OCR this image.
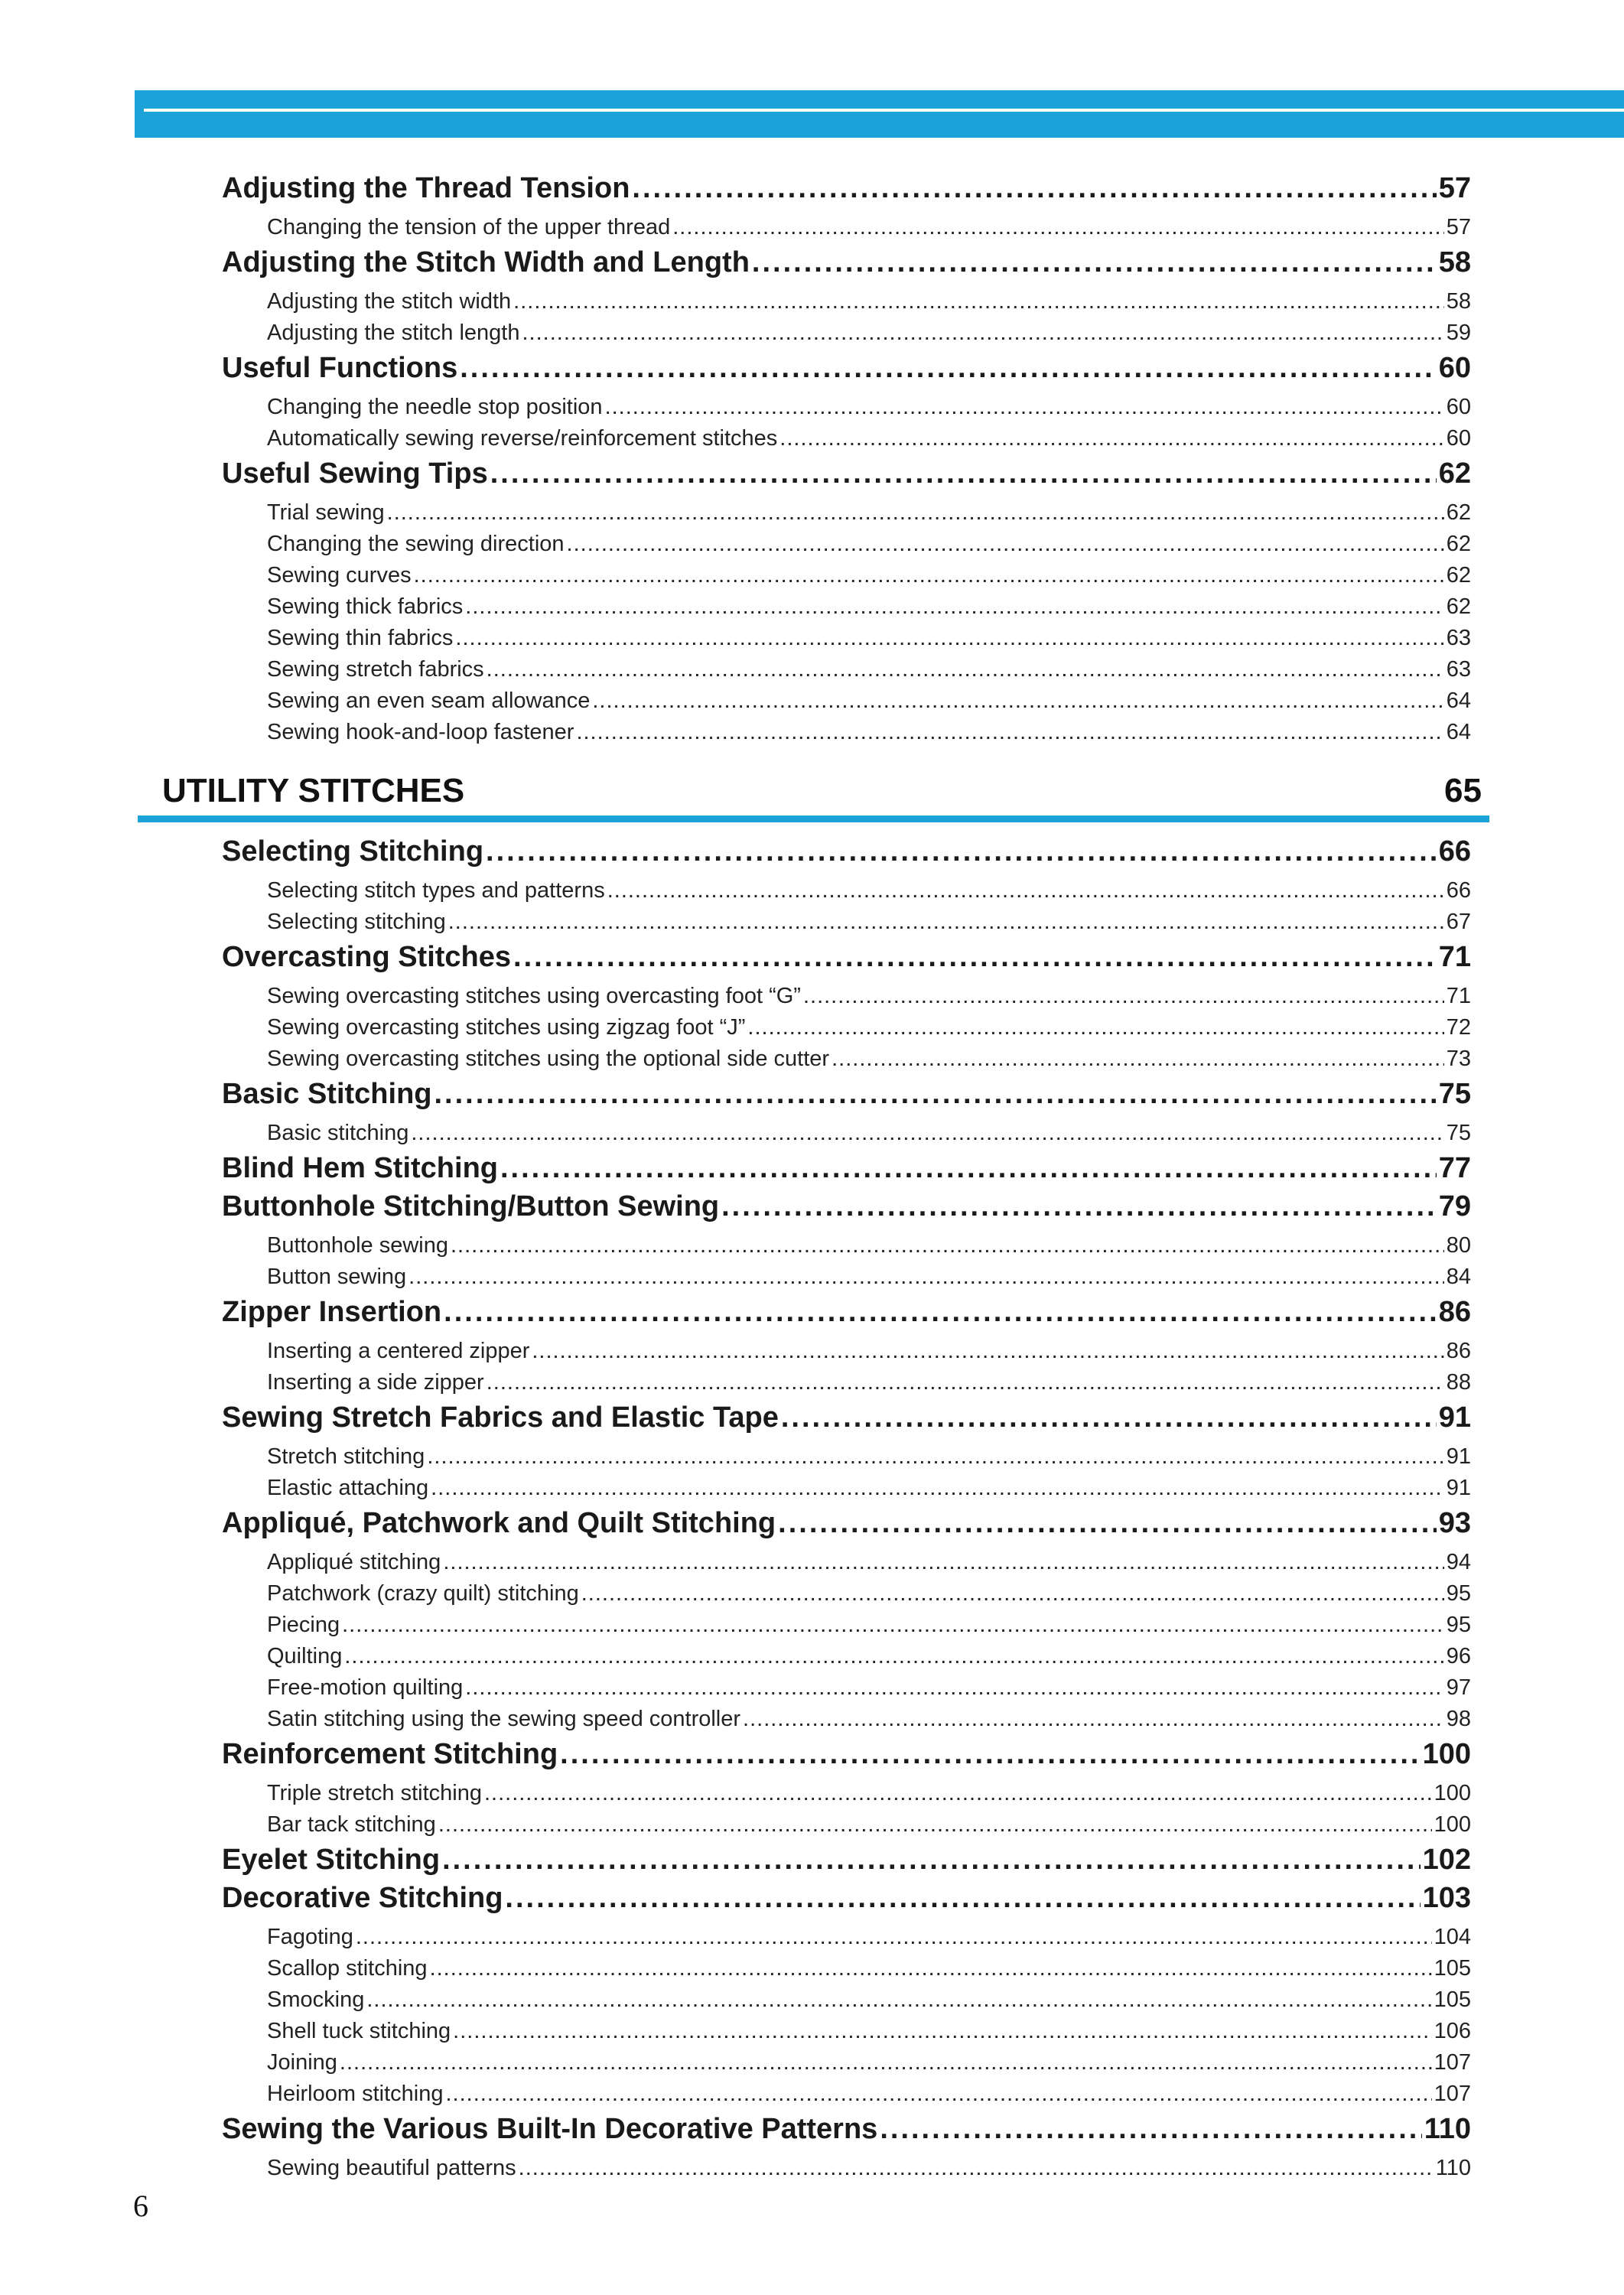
Adjusting the Thread Tension .....	57
Changing the tension of the upper thread .....	57
Adjusting the Stitch Width and Length .....	58
Adjusting the stitch width .....	58
Adjusting the stitch length .....	59
Useful Functions .....	60
Changing the needle stop position .....	60
Automatically sewing reverse/reinforcement stitches .....	60
Useful Sewing Tips .....	62
Trial sewing .....	62
Changing the sewing direction .....	62
Sewing curves .....	62
Sewing thick fabrics .....	62
Sewing thin fabrics .....	63
Sewing stretch fabrics .....	63
Sewing an even seam allowance .....	64
Sewing hook-and-loop fastener .....	64
Selecting Stitching .....	66
Selecting stitch types and patterns .....	66
Selecting stitching .....	67
Overcasting Stitches .....	71
Sewing overcasting stitches using overcasting foot “G” .....	71
Sewing overcasting stitches using zigzag foot “J” .....	72
Sewing overcasting stitches using the optional side cutter .....	73
Basic Stitching .....	75
Basic stitching .....	75
Blind Hem Stitching .....	77
Buttonhole Stitching/Button Sewing .....	79
Buttonhole sewing .....	80
Button sewing .....	84
Zipper Insertion .....	86
Inserting a centered zipper .....	86
Inserting a side zipper .....	88
Sewing Stretch Fabrics and Elastic Tape .....	91
Stretch stitching .....	91
Elastic attaching .....	91
Appliqué, Patchwork and Quilt Stitching .....	93
Appliqué stitching .....	94
Patchwork (crazy quilt) stitching .....	95
Piecing .....	95
Quilting .....	96
Free-motion quilting .....	97
Satin stitching using the sewing speed controller .....	98
Reinforcement Stitching .....	100
Triple stretch stitching .....	100
Bar tack stitching .....	100
Eyelet Stitching .....	102
Decorative Stitching .....	103
Fagoting .....	104
Scallop stitching .....	105
Smocking .....	105
Shell tuck stitching .....	106
Joining .....	107
Heirloom stitching .....	107
Sewing the Various Built-In Decorative Patterns .....	110
Sewing beautiful patterns .....	110
UTILITY STITCHES	65
6
